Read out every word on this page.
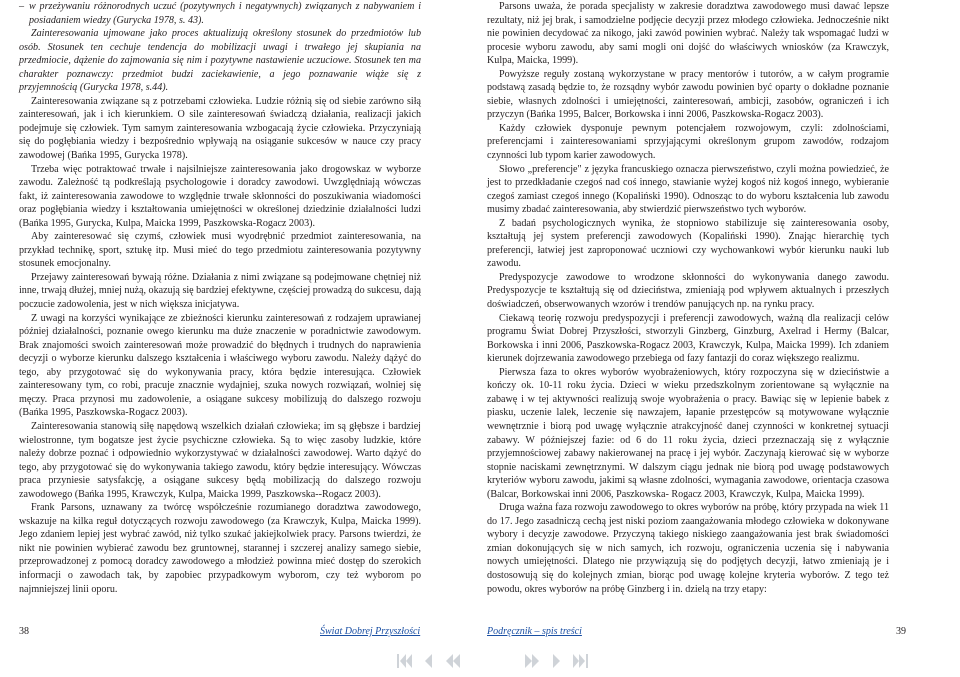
– w przeżywaniu różnorodnych uczuć (pozytywnych i negatywnych) związanych z nabywaniem i posiadaniem wiedzy (Gurycka 1978, s. 43).

Zainteresowania ujmowane jako proces aktualizują określony stosunek do przedmiotów lub osób. Stosunek ten cechuje tendencja do mobilizacji uwagi i trwałego jej skupiania na przedmiocie, dążenie do zajmowania się nim i pozytywne nastawienie uczuciowe. Stosunek ten ma charakter poznawczy: przedmiot budzi zaciekawienie, a jego poznawanie wiąże się z przyjemnością (Gurycka 1978, s.44).

Zainteresowania związane są z potrzebami człowieka. Ludzie różnią się od siebie zarówno siłą zainteresowań, jak i ich kierunkiem. O sile zainteresowań świadczą działania, realizacji jakich podejmuje się człowiek. Tym samym zainteresowania wzbogacają życie człowieka. Przyczyniają się do pogłębiania wiedzy i bezpośrednio wpływają na osiąganie sukcesów w nauce czy pracy zawodowej (Bańka 1995, Gurycka 1978).

Trzeba więc potraktować trwałe i najsilniejsze zainteresowania jako drogowskaz w wyborze zawodu. Zależność tą podkreślają psychologowie i doradcy zawodowi. Uwzględniają wówczas fakt, iż zainteresowania zawodowe to względnie trwałe skłonności do poszukiwania wiadomości oraz pogłębiania wiedzy i kształtowania umiejętności w określonej dziedzinie działalności ludzi (Bańka 1995, Gurycka, Kulpa, Maicka 1999, Paszkowska-Rogacz 2003).

Aby zainteresować się czymś, człowiek musi wyodrębnić przedmiot zainteresowania, na przykład technikę, sport, sztukę itp. Musi mieć do tego przedmiotu zainteresowania pozytywny stosunek emocjonalny.

Przejawy zainteresowań bywają różne. Działania z nimi związane są podejmowane chętniej niż inne, trwają dłużej, mniej nużą, okazują się bardziej efektywne, częściej prowadzą do sukcesu, dają poczucie zadowolenia, jest w nich większa inicjatywa.

Z uwagi na korzyści wynikające ze zbieżności kierunku zainteresowań z rodzajem uprawianej później działalności, poznanie owego kierunku ma duże znaczenie w poradnictwie zawodowym. Brak znajomości swoich zainteresowań może prowadzić do błędnych i trudnych do naprawienia decyzji o wyborze kierunku dalszego kształcenia i właściwego wyboru zawodu. Należy dążyć do tego, aby przygotować się do wykonywania pracy, która będzie interesująca. Człowiek zainteresowany tym, co robi, pracuje znacznie wydajniej, szuka nowych rozwiązań, wolniej się męczy. Praca przynosi mu zadowolenie, a osiągane sukcesy mobilizują do dalszego rozwoju (Bańka 1995, Paszkowska-Rogacz 2003).

Zainteresowania stanowią siłę napędową wszelkich działań człowieka; im są głębsze i bardziej wielostronne, tym bogatsze jest życie psychiczne człowieka. Są to więc zasoby ludzkie, które należy dobrze poznać i odpowiednio wykorzystywać w działalności zawodowej. Warto dążyć do tego, aby przygotować się do wykonywania takiego zawodu, który będzie interesujący. Wówczas praca przyniesie satysfakcję, a osiągane sukcesy będą mobilizacją do dalszego rozwoju zawodowego (Bańka 1995, Krawczyk, Kulpa, Maicka 1999, Paszkowska--Rogacz 2003).

Frank Parsons, uznawany za twórcę współcześnie rozumianego doradztwa zawodowego, wskazuje na kilka reguł dotyczących rozwoju zawodowego (za Krawczyk, Kulpa, Maicka 1999). Jego zdaniem lepiej jest wybrać zawód, niż tylko szukać jakiejkolwiek pracy. Parsons twierdzi, że nikt nie powinien wybierać zawodu bez gruntownej, starannej i szczerej analizy samego siebie, przeprowadzonej z pomocą doradcy zawodowego a młodzież powinna mieć dostęp do szerokich informacji o zawodach tak, by zapobiec przypadkowym wyborom, czy też wyborom po najmniejszej linii oporu.

Parsons uważa, że porada specjalisty w zakresie doradztwa zawodowego musi dawać lepsze rezultaty, niż jej brak, i samodzielne podjęcie decyzji przez młodego człowieka. Jednocześnie nikt nie powinien decydować za nikogo, jaki zawód powinien wybrać. Należy tak wspomagać ludzi w procesie wyboru zawodu, aby sami mogli oni dojść do właściwych wniosków (za Krawczyk, Kulpa, Maicka, 1999).

Powyższe reguły zostaną wykorzystane w pracy mentorów i tutorów, a w całym programie podstawą zasadą będzie to, że rozsądny wybór zawodu powinien być oparty o dokładne poznanie siebie, własnych zdolności i umiejętności, zainteresowań, ambicji, zasobów, ograniczeń i ich przyczyn (Bańka 1995, Balcer, Borkowska i inni 2006, Paszkowska-Rogacz 2003).

Każdy człowiek dysponuje pewnym potencjałem rozwojowym, czyli: zdolnościami, preferencjami i zainteresowaniami sprzyjającymi określonym grupom zawodów, rodzajom czynności lub typom karier zawodowych.

Słowo „preferencje" z języka francuskiego oznacza pierwszeństwo, czyli można powiedzieć, że jest to przedkładanie czegoś nad coś innego, stawianie wyżej kogoś niż kogoś innego, wybieranie czegoś zamiast czegoś innego (Kopaliński 1990). Odnosząc to do wyboru kształcenia lub zawodu musimy zbadać zainteresowania, aby stwierdzić pierwszeństwo tych wyborów.

Z badań psychologicznych wynika, że stopniowo stabilizuje się zainteresowania osoby, kształtują jej system preferencji zawodowych (Kopaliński 1990). Znając hierarchię tych preferencji, łatwiej jest zaproponować uczniowi czy wychowankowi wybór kierunku nauki lub zawodu.

Predyspozycje zawodowe to wrodzone skłonności do wykonywania danego zawodu. Predyspozycje te kształtują się od dzieciństwa, zmieniają pod wpływem aktualnych i przeszłych doświadczeń, obserwowanych wzorów i trendów panujących np. na rynku pracy.

Ciekawą teorię rozwoju predyspozycji i preferencji zawodowych, ważną dla realizacji celów programu Świat Dobrej Przyszłości, stworzyli Ginzberg, Ginzburg, Axelrad i Hermy (Balcar, Borkowska i inni 2006, Paszkowska-Rogacz 2003, Krawczyk, Kulpa, Maicka 1999). Ich zdaniem kierunek dojrzewania zawodowego przebiega od fazy fantazji do coraz większego realizmu.

Pierwsza faza to okres wyborów wyobrażeniowych, który rozpoczyna się w dzieciństwie a kończy ok. 10-11 roku życia. Dzieci w wieku przedszkolnym zorientowane są wyłącznie na zabawę i w tej aktywności realizują swoje wyobrażenia o pracy. Bawiąc się w lepienie babek z piasku, uczenie lalek, leczenie się nawzajem, łapanie przestępców są motywowane wyłącznie wewnętrznie i biorą pod uwagę wyłącznie atrakcyjność danej czynności w konkretnej sytuacji zabawy. W późniejszej fazie: od 6 do 11 roku życia, dzieci przeznaczają się z wyłącznie przyjemnościowej zabawy nakierowanej na pracę i jej wybór. Zaczynają kierować się w wyborze stopnie naciskami zewnętrznymi. W dalszym ciągu jednak nie biorą pod uwagę podstawowych kryteriów wyboru zawodu, jakimi są własne zdolności, wymagania zawodowe, orientacja czasowa (Balcar, Borkowskai inni 2006, Paszkowska- Rogacz 2003, Krawczyk, Kulpa, Maicka 1999).

Druga ważna faza rozwoju zawodowego to okres wyborów na próbę, który przypada na wiek 11 do 17. Jego zasadniczą cechą jest niski poziom zaangażowania młodego człowieka w dokonywane wybory i decyzje zawodowe. Przyczyną takiego niskiego zaangażowania jest brak świadomości zmian dokonujących się w nich samych, ich rozwoju, ograniczenia uczenia się i nabywania nowych umiejętności. Dlatego nie przywiązują się do podjętych decyzji, łatwo zmieniają je i dostosowują się do kolejnych zmian, biorąc pod uwagę kolejne kryteria wyborów. Z tego też powodu, okres wyborów na próbę Ginzberg i in. dzielą na trzy etapy:

38	Świat Dobrej Przyszłości	Podręcznik – spis treści	39
